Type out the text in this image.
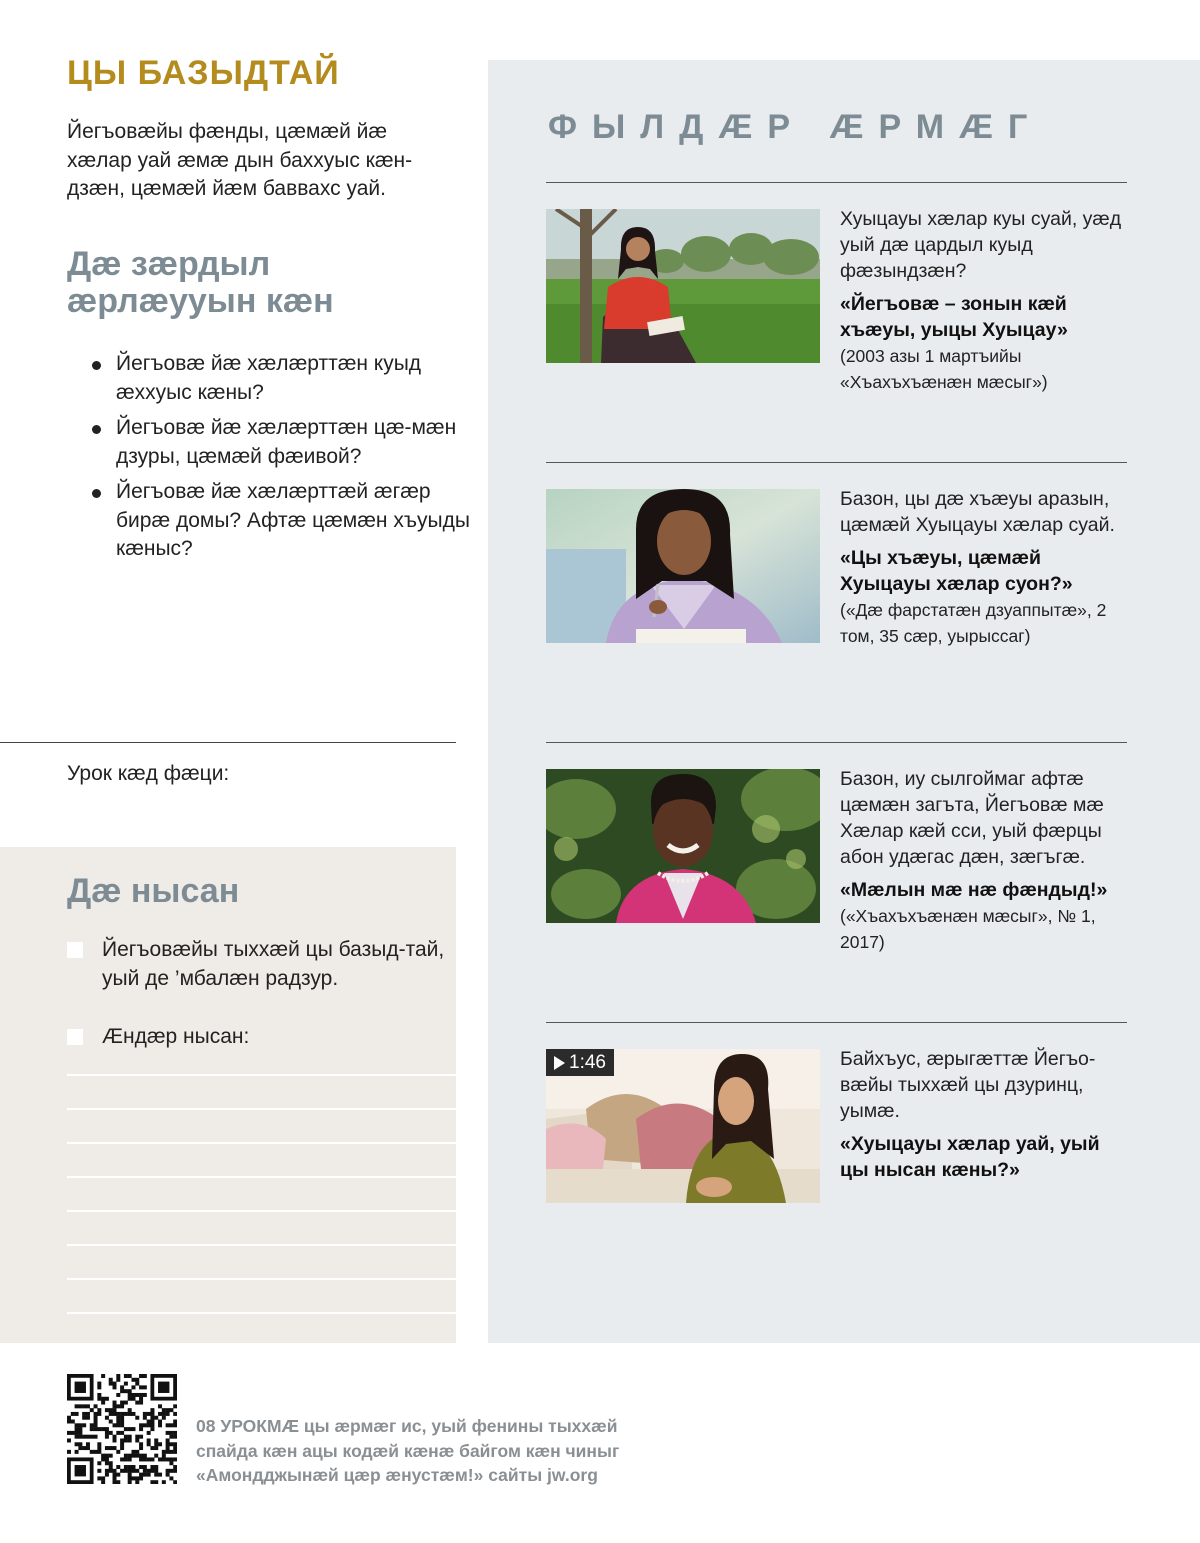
ЦЫ БАЗЫДТАЙ

Йегъовæйы фæнды, цæмæй йæ хæлар уай æмæ дын баххуыс кæн-дзæн, цæмæй йæм баввахс уай.

Дæ зæрдыл æрлæууын кæн
Йегъовæ йæ хæлæрттæн куыд æххуыс кæны?
Йегъовæ йæ хæлæрттæн цæ-мæн дзуры, цæмæй фæивой?
Йегъовæ йæ хæлæрттæй æгæр бирæ домы? Афтæ цæмæн хъуыды кæныс?
Урок кæд фæци:
Дæ нысан
Йегъовæйы тыххæй цы базыд-тай, уый де ’мбалæн радзур.
Æндæр нысан:
ФЫЛДÆР ÆРМÆГ

Хуыцауы хæлар куы суай, уæд уый дæ цардыл куыд фæзындзæн?

«Йегъовæ – зонын кæй хъæуы, уыцы Хуыцау»

(2003 азы 1 мартъийы «Хъахъхъæнæн мæсыг»)

Базон, цы дæ хъæуы аразын, цæмæй Хуыцауы хæлар суай.

«Цы хъæуы, цæмæй Хуыцауы хæлар суон?»

(«Дæ фарстатæн дзуаппытæ», 2 том, 35 сæр, уырыссаг)

Базон, иу сылгоймаг афтæ цæмæн загъта, Йегъовæ мæ Хæлар кæй сси, уый фæрцы абон удæгас дæн, зæгъгæ.

«Мæлын мæ нæ фæндыд!»

(«Хъахъхъæнæн мæсыг», № 1, 2017)

1:46	Байхъус, æрыгæттæ Йегъо-вæйы тыххæй цы дзуринц, уымæ.

«Хуыцауы хæлар уай, уый цы нысан кæны?»

08 УРОКМÆ цы æрмæг ис, уый фенины тыххæй спайда кæн ацы кодæй кæнæ байгом кæн чиныг «Амондджынæй цæр æнустæм!» сайты jw.org
